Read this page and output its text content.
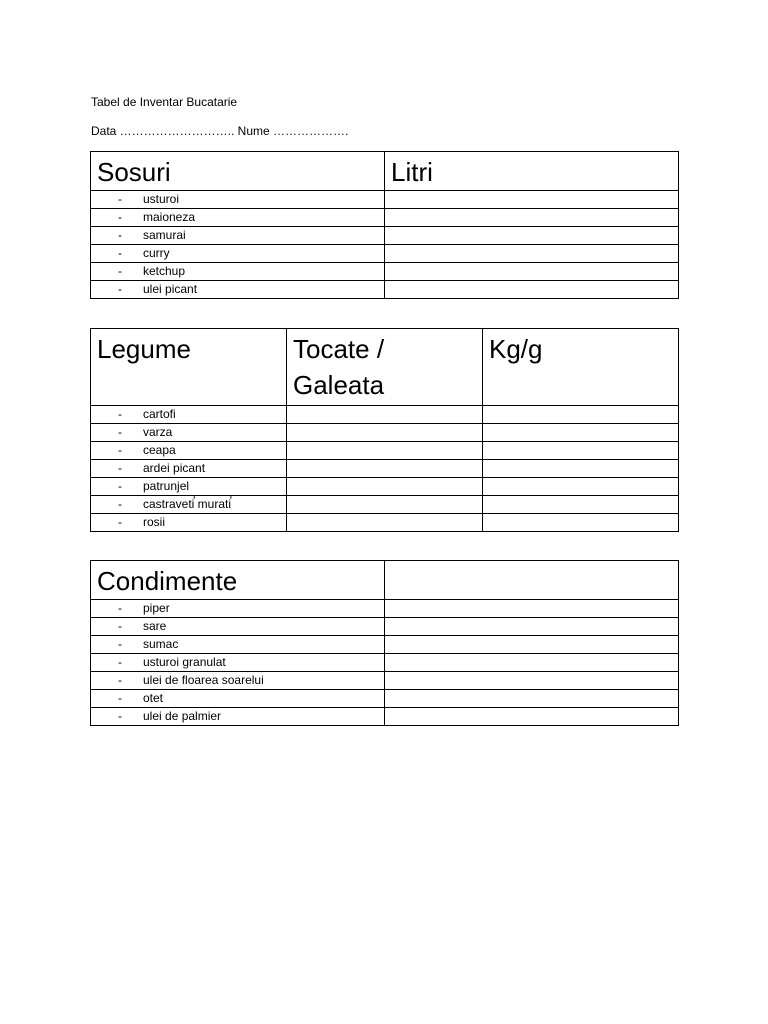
Tabel de Inventar Bucatarie
Data ……………………….. Nume ……………….
Sosuri	Litri
- usturoi	
- maioneza	
- samurai	
- curry	
- ketchup	
- ulei picant	
Legume	Tocate / Galeata	Kg/g
- cartofi		
- varza		
- ceapa		
- ardei picant		
- patrunjel		
- castraveti̕ murati̕		
- rosii		
Condimente	
- piper	
- sare	
- sumac	
- usturoi granulat	
- ulei de floarea soarelui	
- otet	
- ulei de palmier	
